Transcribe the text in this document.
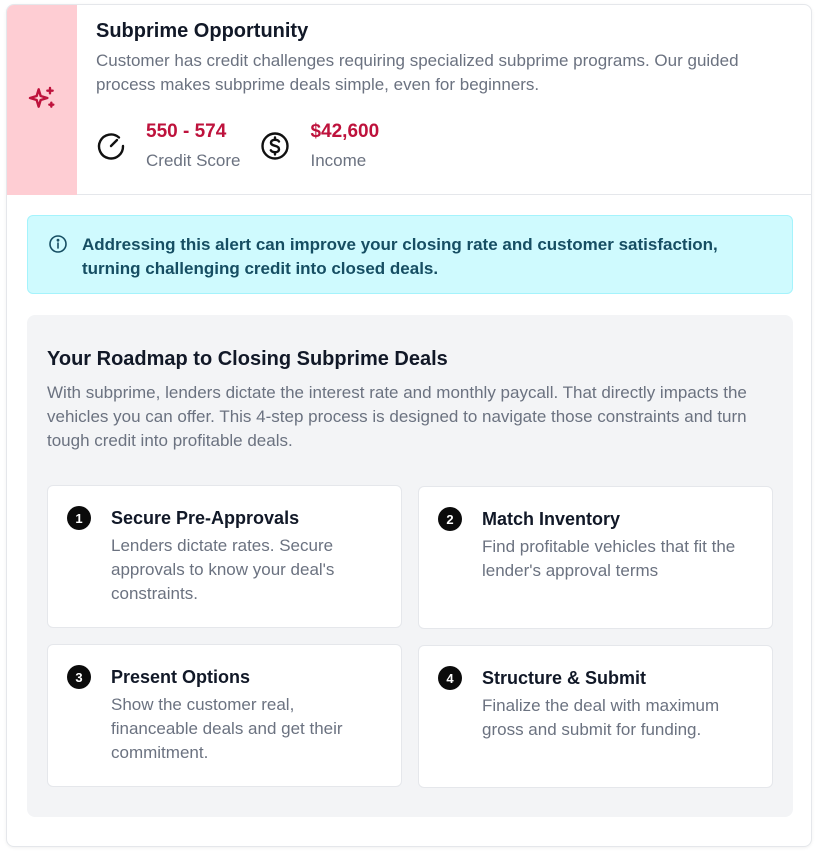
Subprime Opportunity
Customer has credit challenges requiring specialized subprime programs. Our guided process makes subprime deals simple, even for beginners.
550 - 574
Credit Score
$42,600
Income
Addressing this alert can improve your closing rate and customer satisfaction, turning challenging credit into closed deals.
Your Roadmap to Closing Subprime Deals
With subprime, lenders dictate the interest rate and monthly paycall. That directly impacts the vehicles you can offer. This 4-step process is designed to navigate those constraints and turn tough credit into profitable deals.
1	Secure Pre-Approvals
Lenders dictate rates. Secure approvals to know your deal's constraints.
2	Match Inventory
Find profitable vehicles that fit the lender's approval terms
3	Present Options
Show the customer real, financeable deals and get their commitment.
4	Structure & Submit
Finalize the deal with maximum gross and submit for funding.
